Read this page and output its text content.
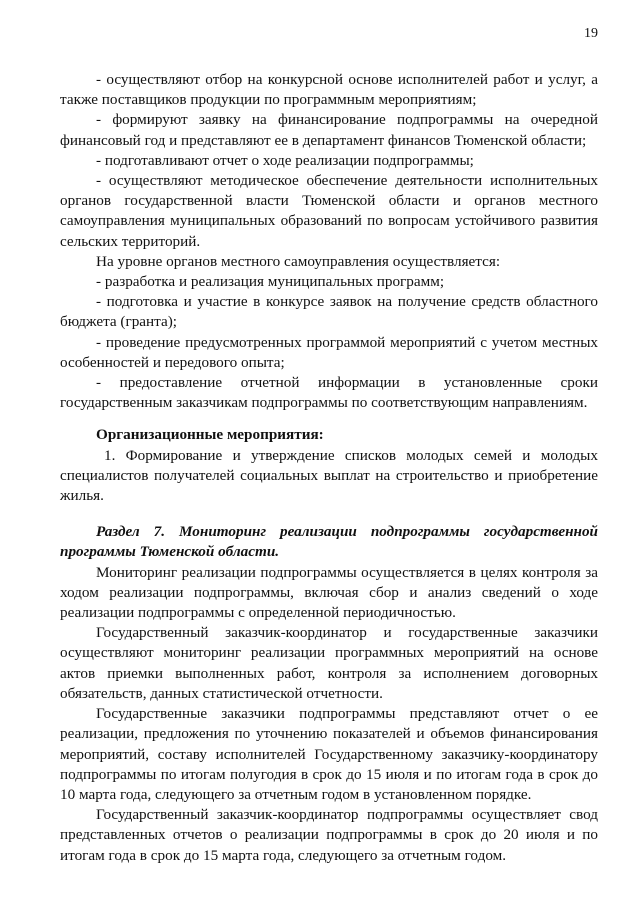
19

- осуществляют отбор на конкурсной основе исполнителей работ и услуг, а также поставщиков продукции по программным мероприятиям;

- формируют заявку на финансирование подпрограммы на очередной финансовый год и представляют ее в департамент финансов Тюменской области;

- подготавливают отчет о ходе реализации подпрограммы;

- осуществляют методическое обеспечение деятельности исполнительных органов государственной власти Тюменской области и органов местного самоуправления муниципальных образований по вопросам устойчивого развития сельских территорий.

На уровне органов местного самоуправления осуществляется:

- разработка и реализация муниципальных программ;

- подготовка и участие в конкурсе заявок на получение средств областного бюджета (гранта);

- проведение предусмотренных программой мероприятий с учетом местных особенностей и передового опыта;

- предоставление отчетной информации в установленные сроки государственным заказчикам подпрограммы по соответствующим направлениям.

Организационные мероприятия:

1. Формирование и утверждение списков молодых семей и молодых специалистов получателей социальных выплат на строительство и приобретение жилья.

Раздел 7. Мониторинг реализации подпрограммы государственной программы Тюменской области.

Мониторинг реализации подпрограммы осуществляется в целях контроля за ходом реализации подпрограммы, включая сбор и анализ сведений о ходе реализации подпрограммы с определенной периодичностью.

Государственный заказчик-координатор и государственные заказчики осуществляют мониторинг реализации программных мероприятий на основе актов приемки выполненных работ, контроля за исполнением договорных обязательств, данных статистической отчетности.

Государственные заказчики подпрограммы представляют отчет о ее реализации, предложения по уточнению показателей и объемов финансирования мероприятий, составу исполнителей Государственному заказчику-координатору подпрограммы по итогам полугодия в срок до 15 июля и по итогам года в срок до 10 марта года, следующего за отчетным годом в установленном порядке.

Государственный заказчик-координатор подпрограммы осуществляет свод представленных отчетов о реализации подпрограммы в срок до 20 июля и по итогам года в срок до 15 марта года, следующего за отчетным годом.
